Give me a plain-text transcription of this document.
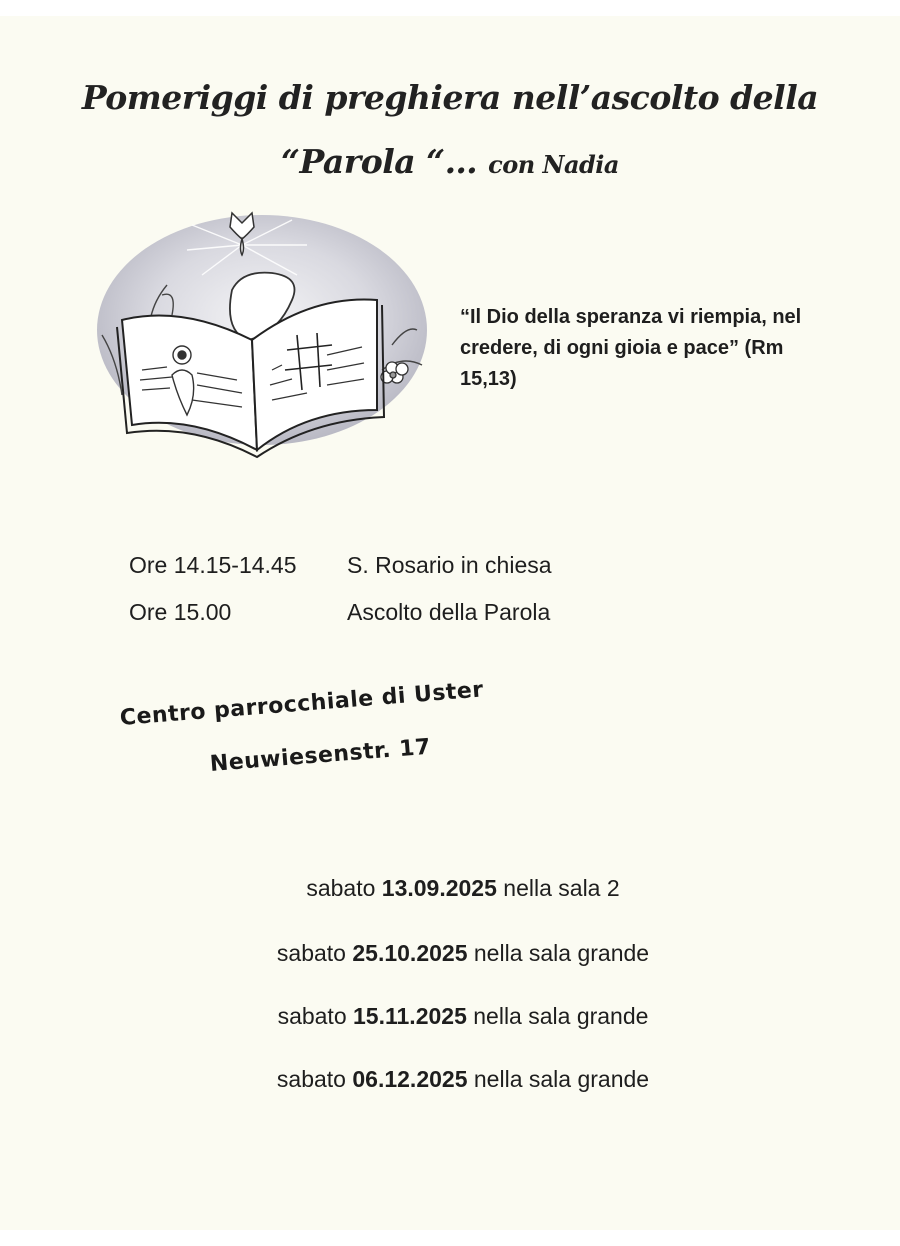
Pomeriggi di preghiera nell’ascolto della
“Parola “… con Nadia
“Il Dio della speranza vi riempia, nel credere, di ogni gioia e pace” (Rm 15,13)
Ore 14.15-14.45 S. Rosario in chiesa
Ore 15.00	Ascolto della Parola
Centro parrocchiale di Uster
Neuwiesenstr. 17
sabato 13.09.2025 nella sala 2
sabato 25.10.2025 nella sala grande
sabato 15.11.2025 nella sala grande
sabato 06.12.2025 nella sala grande
